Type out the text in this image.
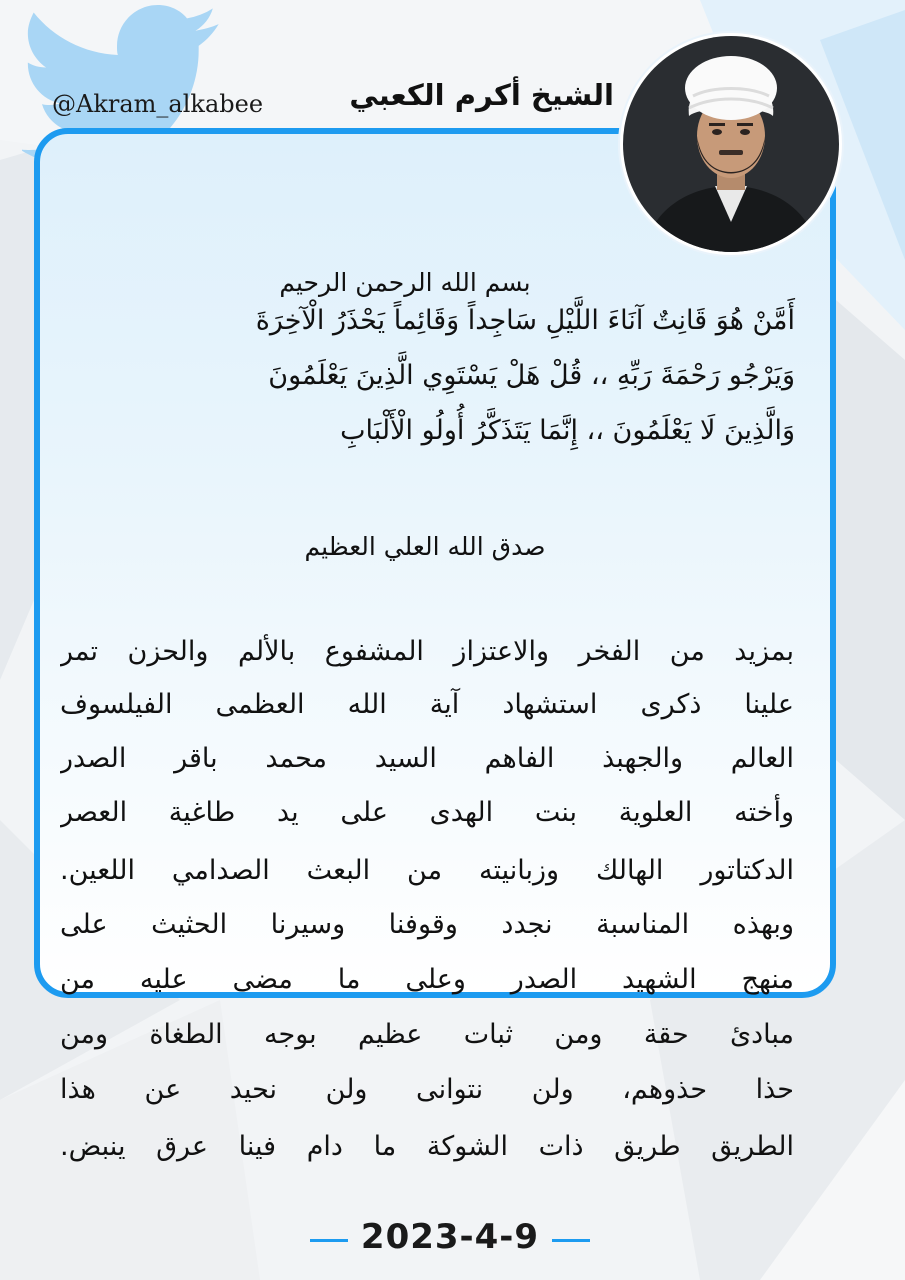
@Akram_alkabee	الشيخ أكرم الكعبي
بسم الله الرحمن الرحيم
أَمَّنْ هُوَ قَانِتٌ آنَاءَ اللَّيْلِ سَاجِداً وَقَائِماً يَحْذَرُ الْآخِرَةَ
وَيَرْجُو رَحْمَةَ رَبِّهِ ،، قُلْ هَلْ يَسْتَوِي الَّذِينَ يَعْلَمُونَ
وَالَّذِينَ لَا يَعْلَمُونَ ،، إِنَّمَا يَتَذَكَّرُ أُولُو الْأَلْبَابِ
صدق الله العلي العظيم
بمزيد من الفخر والاعتزاز المشفوع بالألم والحزن تمر
علينا ذكرى استشهاد آية الله العظمى الفيلسوف
العالم والجهبذ الفاهم السيد محمد باقر الصدر
وأخته العلوية بنت الهدى على يد طاغية العصر
الدكتاتور الهالك وزبانيته من البعث الصدامي اللعين.
وبهذه المناسبة نجدد وقوفنا وسيرنا الحثيث على
منهج الشهيد الصدر وعلى ما مضى عليه من
مبادئ حقة ومن ثبات عظيم بوجه الطغاة ومن
حذا حذوهم، ولن نتوانى ولن نحيد عن هذا
الطريق طريق ذات الشوكة ما دام فينا عرق ينبض.
2023-4-9
